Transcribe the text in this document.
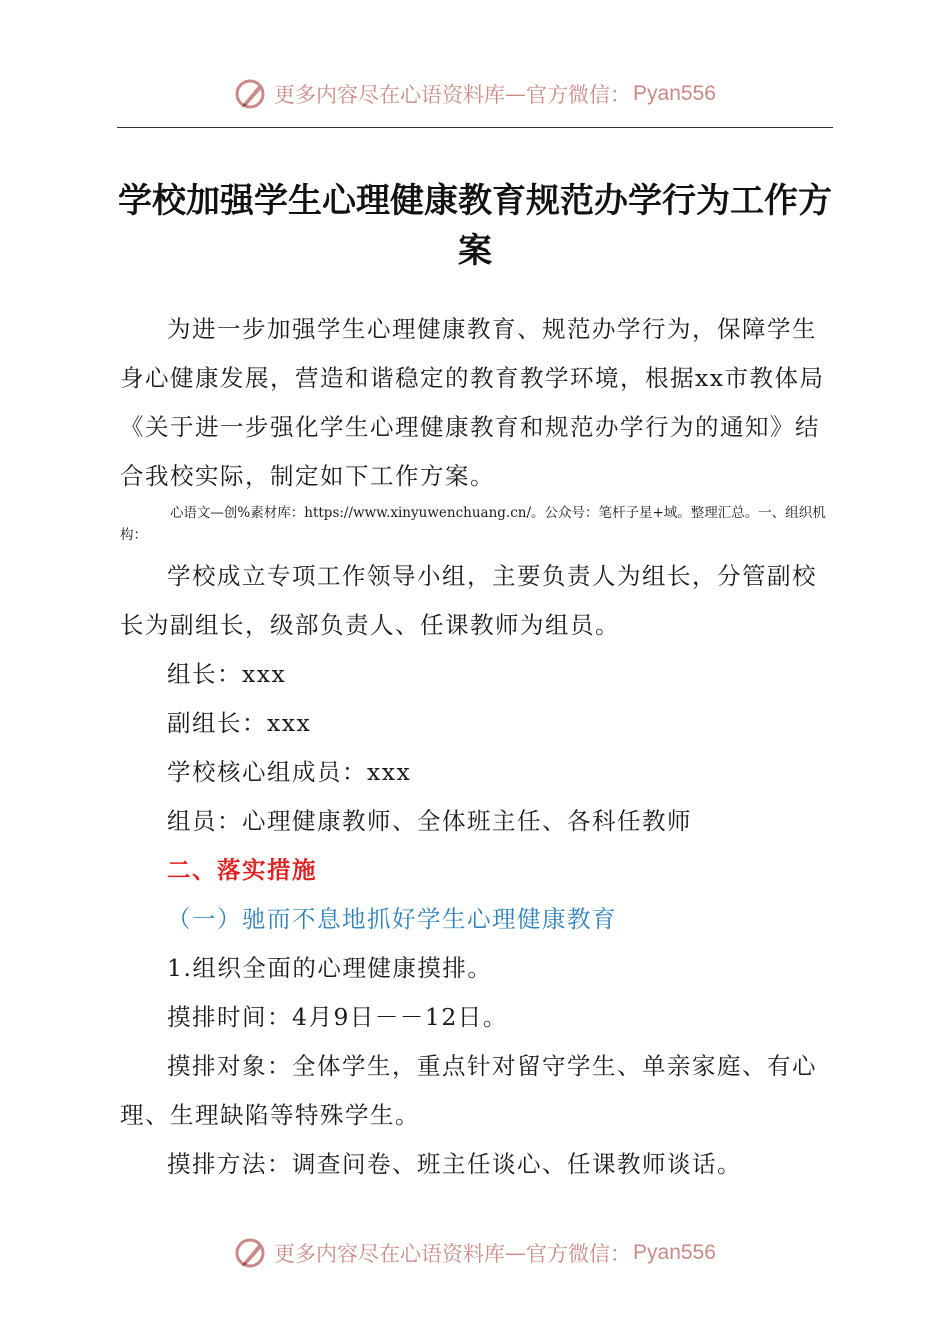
更多内容尽在心语资料库 — 官方微信： Pyan556
学校加强学生心理健康教育规范办学行为工作方案

为进一步加强学生心理健康教育、规范办学行为，保障学生身心健康发展，营造和谐稳定的教育教学环境，根据xx市教体局《关于进一步强化学生心理健康教育和规范办学行为的通知》结合我校实际，制定如下工作方案。

心语文—创%素材库：https://www.xinyuwenchuang.cn/。公众号：笔杆子星+域。整理汇总。一、组织机构：

学校成立专项工作领导小组，主要负责人为组长，分管副校长为副组长，级部负责人、任课教师为组员。

组长：xxx

副组长：xxx

学校核心组成员：xxx

组员：心理健康教师、全体班主任、各科任教师

二、落实措施

（一）驰而不息地抓好学生心理健康教育

1.组织全面的心理健康摸排。

摸排时间：4月9日－－12日。

摸排对象：全体学生，重点针对留守学生、单亲家庭、有心理、生理缺陷等特殊学生。

摸排方法：调查问卷、班主任谈心、任课教师谈话。

更多内容尽在心语资料库 — 官方微信： Pyan556
